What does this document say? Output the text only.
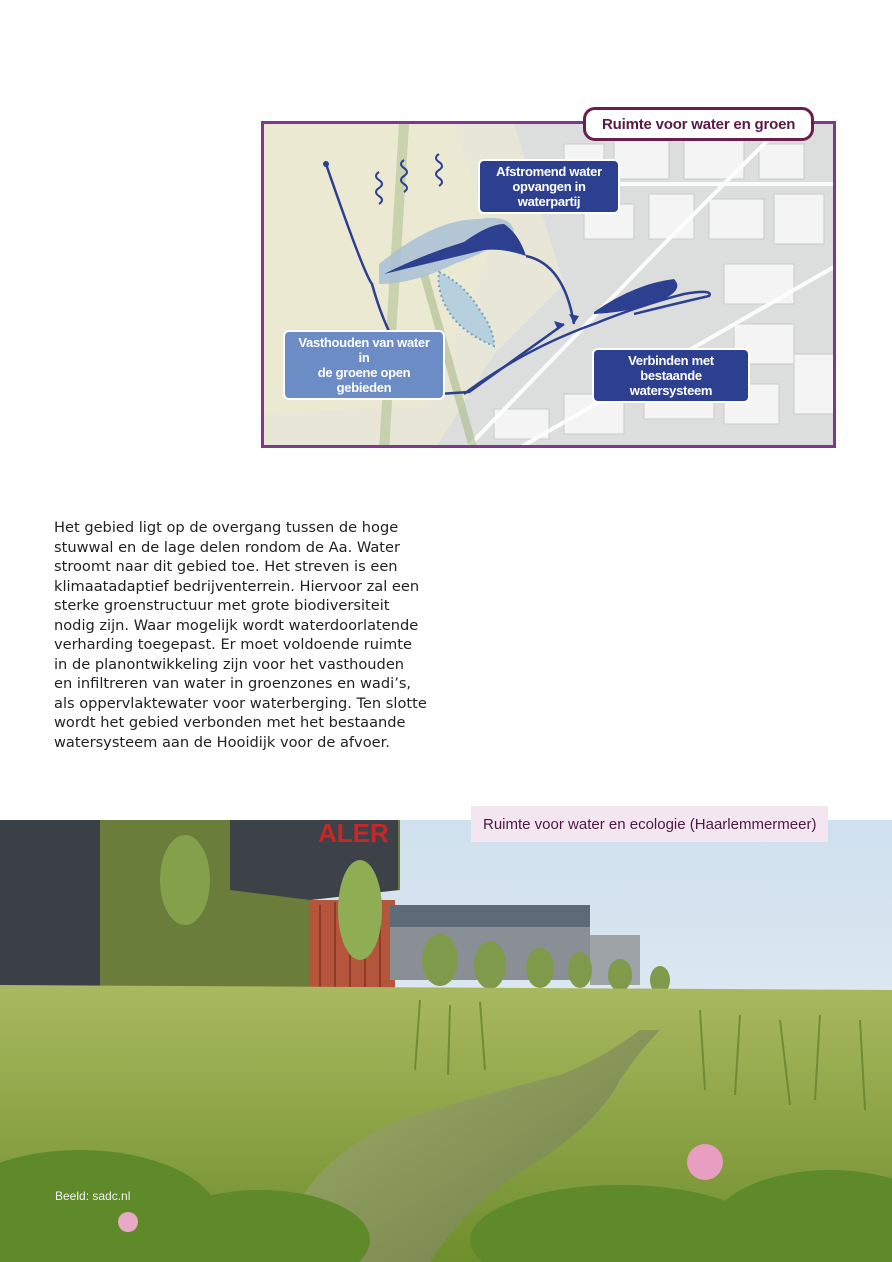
Ruimte voor water en groen
Afstromend water
opvangen in waterpartij
Vasthouden van water in
de groene open gebieden
Verbinden met bestaande
watersysteem
Het gebied ligt op de overgang tussen de hoge
stuwwal en de lage delen rondom de Aa. Water
stroomt naar dit gebied toe. Het streven is een
klimaatadaptief bedrijventerrein. Hiervoor zal een
sterke groenstructuur met grote biodiversiteit
nodig zijn. Waar mogelijk wordt waterdoorlatende
verharding toegepast. Er moet voldoende ruimte
in de planontwikkeling zijn voor het vasthouden
en infiltreren van water in groenzones en wadi’s,
als oppervlaktewater voor waterberging. Ten slotte
wordt het gebied verbonden met het bestaande
watersysteem aan de Hooidijk voor de afvoer.
ALER	Ruimte voor water en ecologie (Haarlemmermeer)
Beeld: sadc.nl
